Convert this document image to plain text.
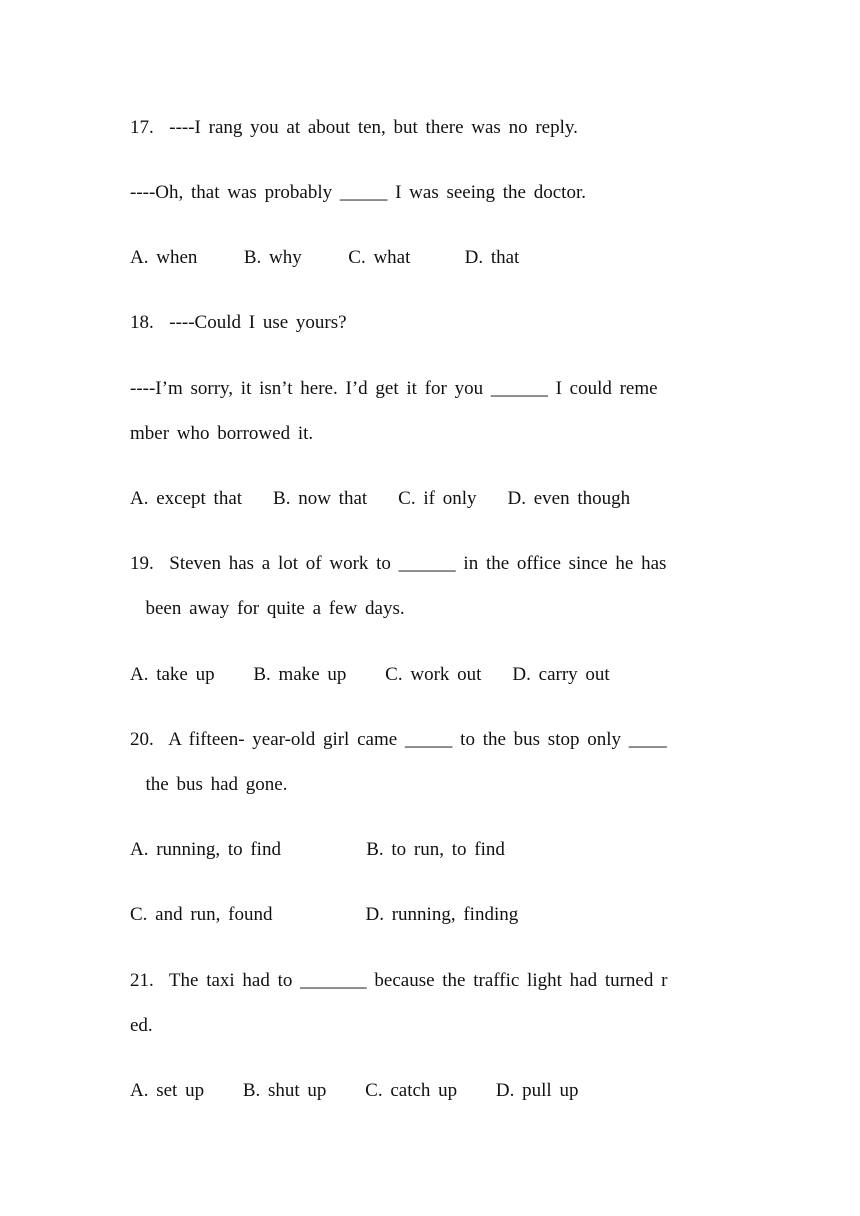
17.  ----I rang you at about ten, but there was no reply.
----Oh, that was probably _____ I was seeing the doctor.
A. when      B. why      C. what       D. that
18.  ----Could I use yours?
----I’m sorry, it isn’t here. I’d get it for you ______ I could reme
mber who borrowed it.
A. except that    B. now that    C. if only    D. even though
19.  Steven has a lot of work to ______ in the office since he has
been away for quite a few days.
A. take up     B. make up     C. work out    D. carry out
20.  A fifteen- year-old girl came _____ to the bus stop only ____
the bus had gone.
A. running, to find           B. to run, to find
C. and run, found            D. running, finding
21.  The taxi had to _______ because the traffic light had turned r
ed.
A. set up     B. shut up     C. catch up     D. pull up
